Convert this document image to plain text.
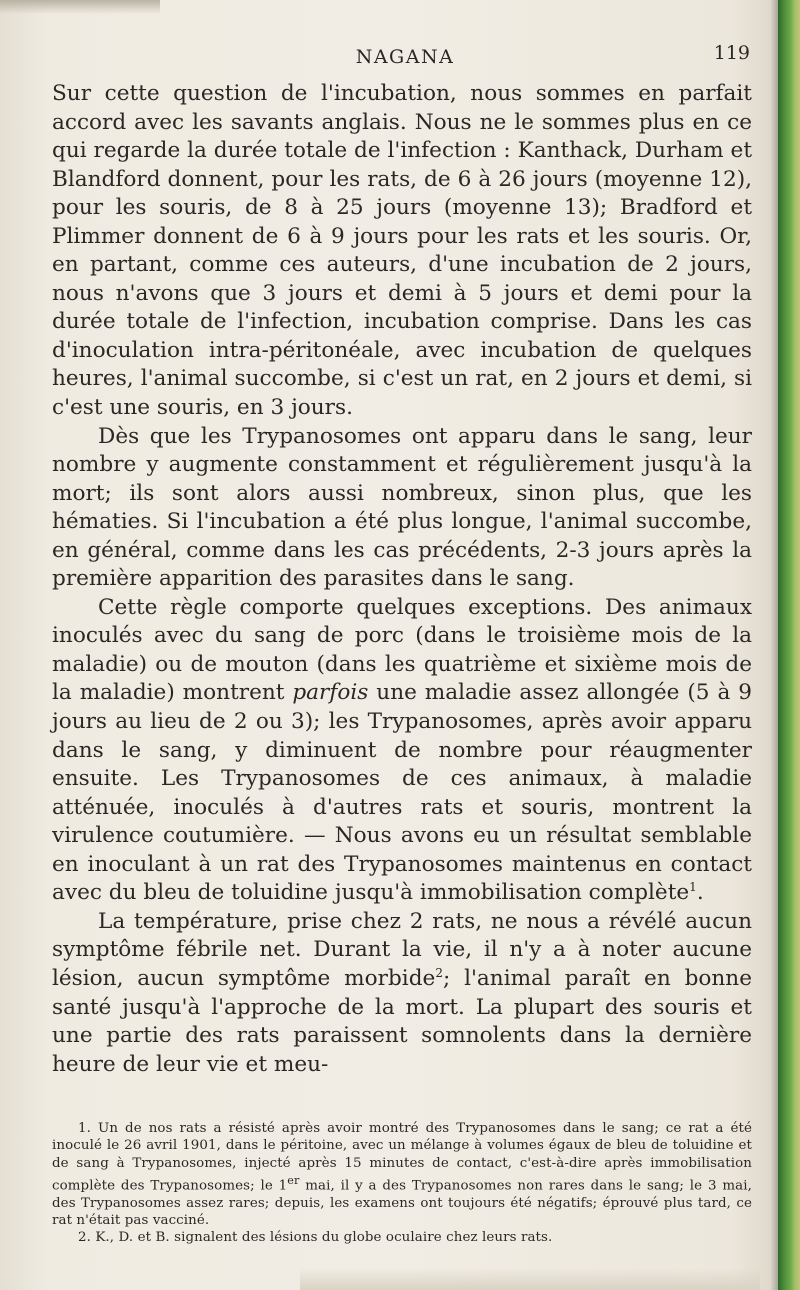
NAGANA	119

Sur cette question de l'incubation, nous sommes en parfait accord avec les savants anglais. Nous ne le sommes plus en ce qui regarde la durée totale de l'infection : Kanthack, Durham et Blandford donnent, pour les rats, de 6 à 26 jours (moyenne 12), pour les souris, de 8 à 25 jours (moyenne 13); Bradford et Plimmer donnent de 6 à 9 jours pour les rats et les souris. Or, en partant, comme ces auteurs, d'une incubation de 2 jours, nous n'avons que 3 jours et demi à 5 jours et demi pour la durée totale de l'infection, incubation comprise. Dans les cas d'inoculation intra-péritonéale, avec incubation de quelques heures, l'animal succombe, si c'est un rat, en 2 jours et demi, si c'est une souris, en 3 jours.

Dès que les Trypanosomes ont apparu dans le sang, leur nombre y augmente constamment et régulièrement jusqu'à la mort; ils sont alors aussi nombreux, sinon plus, que les hématies. Si l'incubation a été plus longue, l'animal succombe, en général, comme dans les cas précédents, 2-3 jours après la première apparition des parasites dans le sang.

Cette règle comporte quelques exceptions. Des animaux inoculés avec du sang de porc (dans le troisième mois de la maladie) ou de mouton (dans les quatrième et sixième mois de la maladie) montrent parfois une maladie assez allongée (5 à 9 jours au lieu de 2 ou 3); les Trypanosomes, après avoir apparu dans le sang, y diminuent de nombre pour réaugmenter ensuite. Les Trypanosomes de ces animaux, à maladie atténuée, inoculés à d'autres rats et souris, montrent la virulence coutumière. — Nous avons eu un résultat semblable en inoculant à un rat des Trypanosomes maintenus en contact avec du bleu de toluidine jusqu'à immobilisation complète$^1$.

La température, prise chez 2 rats, ne nous a révélé aucun symptôme fébrile net. Durant la vie, il n'y a à noter aucune lésion, aucun symptôme morbide$^2$; l'animal paraît en bonne santé jusqu'à l'approche de la mort. La plupart des souris et une partie des rats paraissent somnolents dans la dernière heure de leur vie et meu-

1. Un de nos rats a résisté après avoir montré des Trypanosomes dans le sang; ce rat a été inoculé le 26 avril 1901, dans le péritoine, avec un mélange à volumes égaux de bleu de toluidine et de sang à Trypanosomes, injecté après 15 minutes de contact, c'est-à-dire après immobilisation complète des Trypanosomes; le 1er mai, il y a des Trypanosomes non rares dans le sang; le 3 mai, des Trypanosomes assez rares; depuis, les examens ont toujours été négatifs; éprouvé plus tard, ce rat n'était pas vacciné.

2. K., D. et B. signalent des lésions du globe oculaire chez leurs rats.
